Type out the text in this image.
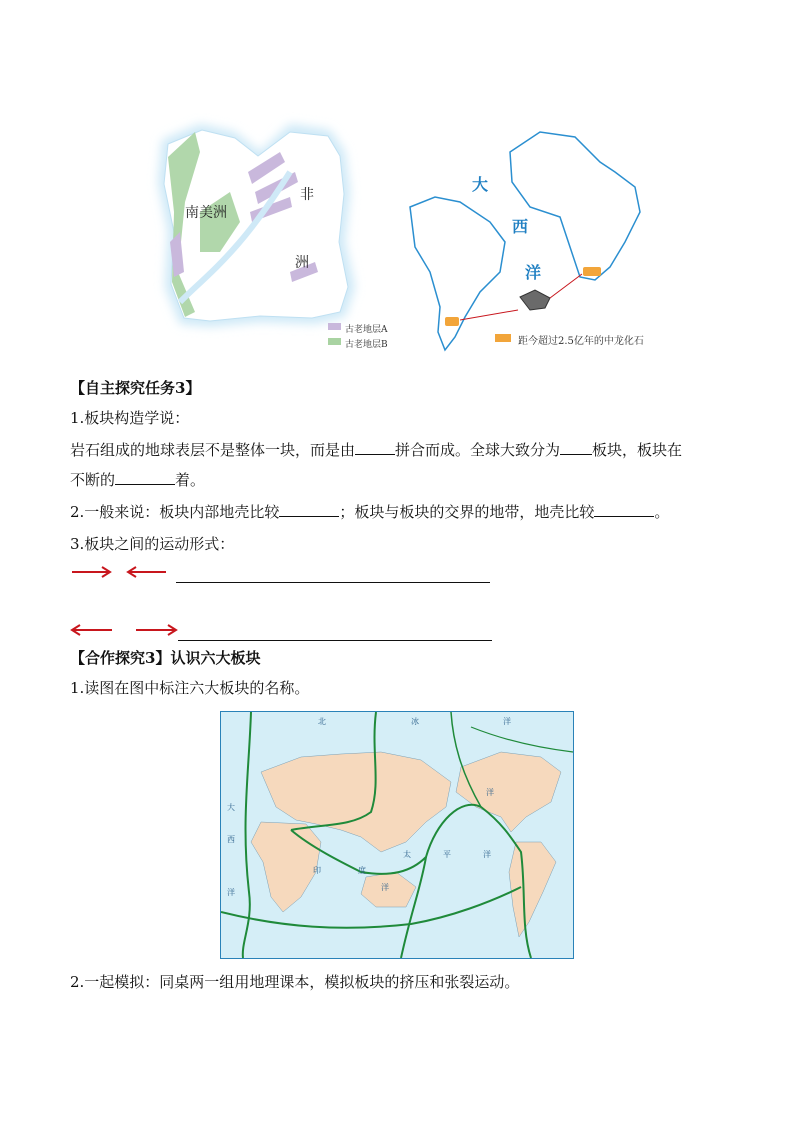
南美洲
非
洲
古老地层A
古老地层B
大
西
洋
距今超过2.5亿年的中龙化石
【自主探究任务3】
1.板块构造学说：
岩石组成的地球表层不是整体一块，而是由	拼合而成。全球大致分为 板块，板块在
不断的	着。
2.一般来说：板块内部地壳比较	；板块与板块的交界的地带，地壳比较	。
3.板块之间的运动形式：
【合作探究3】认识六大板块
1.读图在图中标注六大板块的名称。
北	冰	洋
洋
大
西
洋
太	平
印	度
洋
洋
2.一起模拟：同桌两一组用地理课本，模拟板块的挤压和张裂运动。
